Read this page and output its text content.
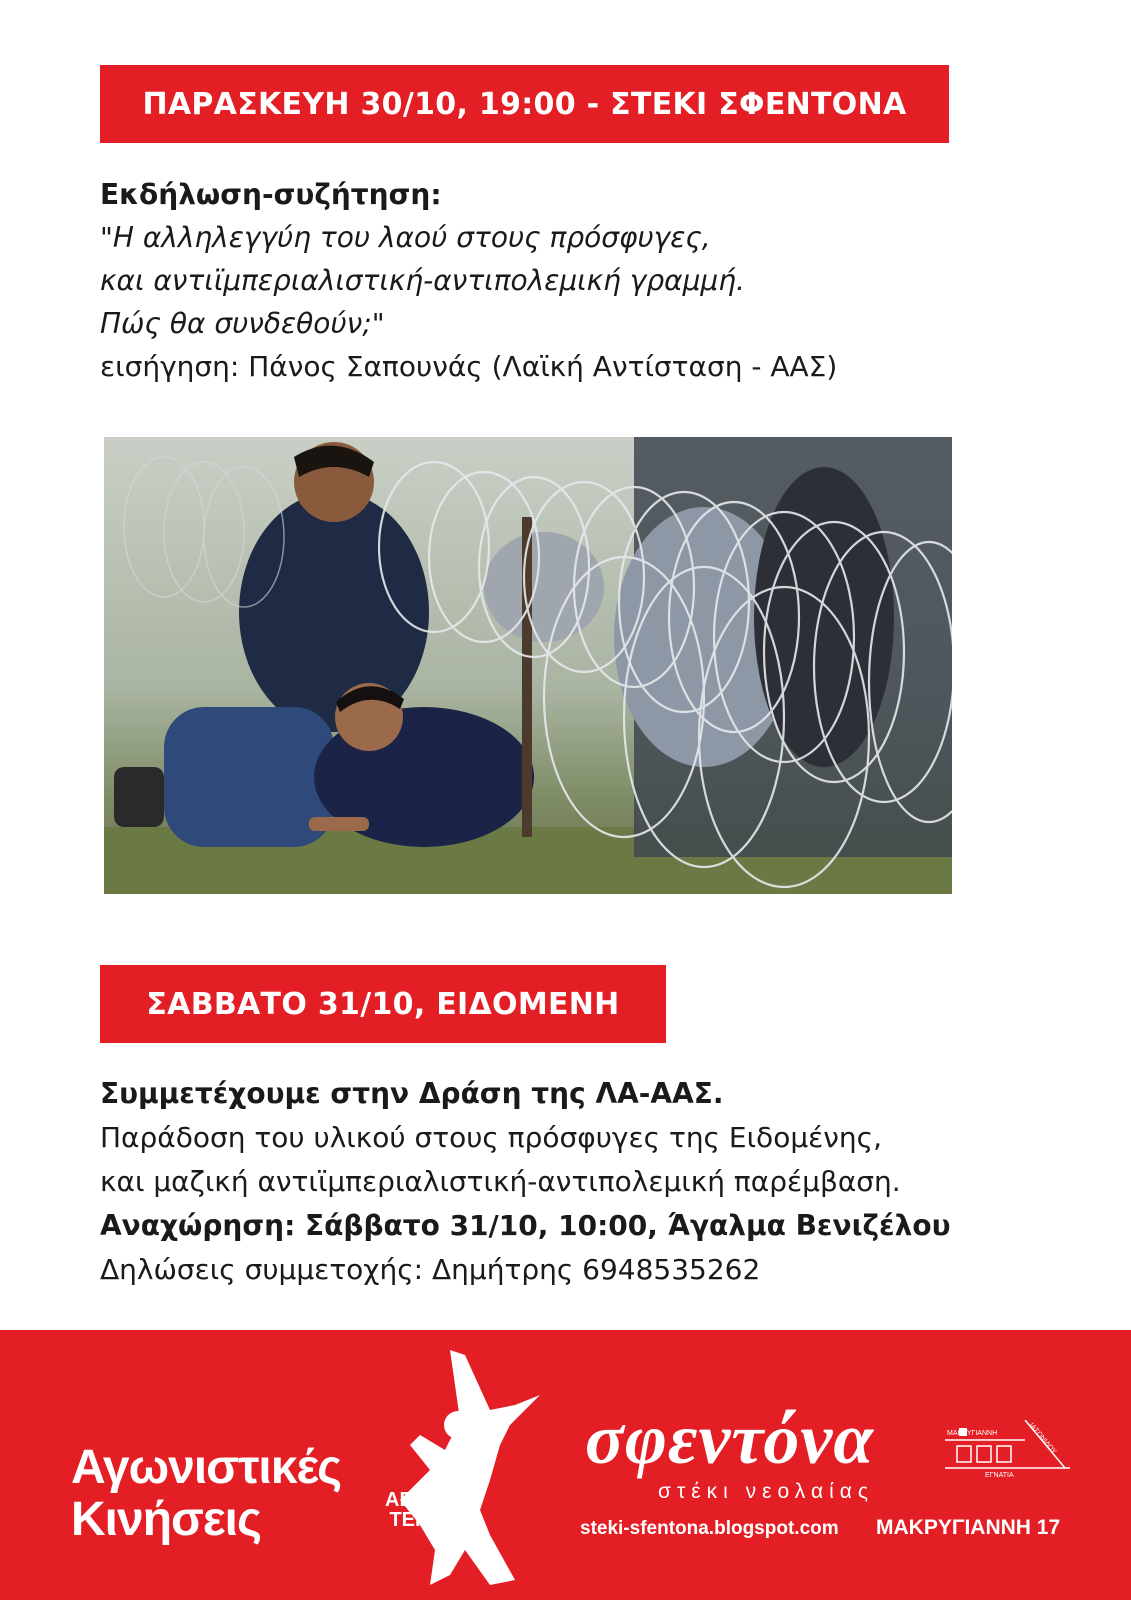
ΠΑΡΑΣΚΕΥΗ 30/10, 19:00 - ΣΤΕΚΙ ΣΦΕΝΤΟΝΑ
Εκδήλωση-συζήτηση:
"Η αλληλεγγύη του λαού στους πρόσφυγες,
και αντιϊμπεριαλιστική-αντιπολεμική γραμμή.
Πώς θα συνδεθούν;"
εισήγηση: Πάνος Σαπουνάς (Λαϊκή Αντίσταση - ΑΑΣ)
ΣΑΒΒΑΤΟ 31/10, ΕΙΔΟΜΕΝΗ
Συμμετέχουμε στην Δράση της ΛΑ-ΑΑΣ.
Παράδοση του υλικού στους πρόσφυγες της Ειδομένης,
και μαζική αντιϊμπεριαλιστική-αντιπολεμική παρέμβαση.
Αναχώρηση: Σάββατο 31/10, 10:00, Άγαλμα Βενιζέλου
Δηλώσεις συμμετοχής: Δημήτρης 6948535262
Αγωνιστικές
Κινήσεις	ΑΕΙ-
ΤΕΙ
σφεντόνα
στέκι νεολαίας
steki-sfentona.blogspot.com ΜΑΚΡΥΓΙΑΝΝΗ 17
ΜΑΚΡΥΓΙΑΝΝΗ	ΙΑΣΟΝΙΔΟΥ
ΕΓΝΑΤΙΑ
